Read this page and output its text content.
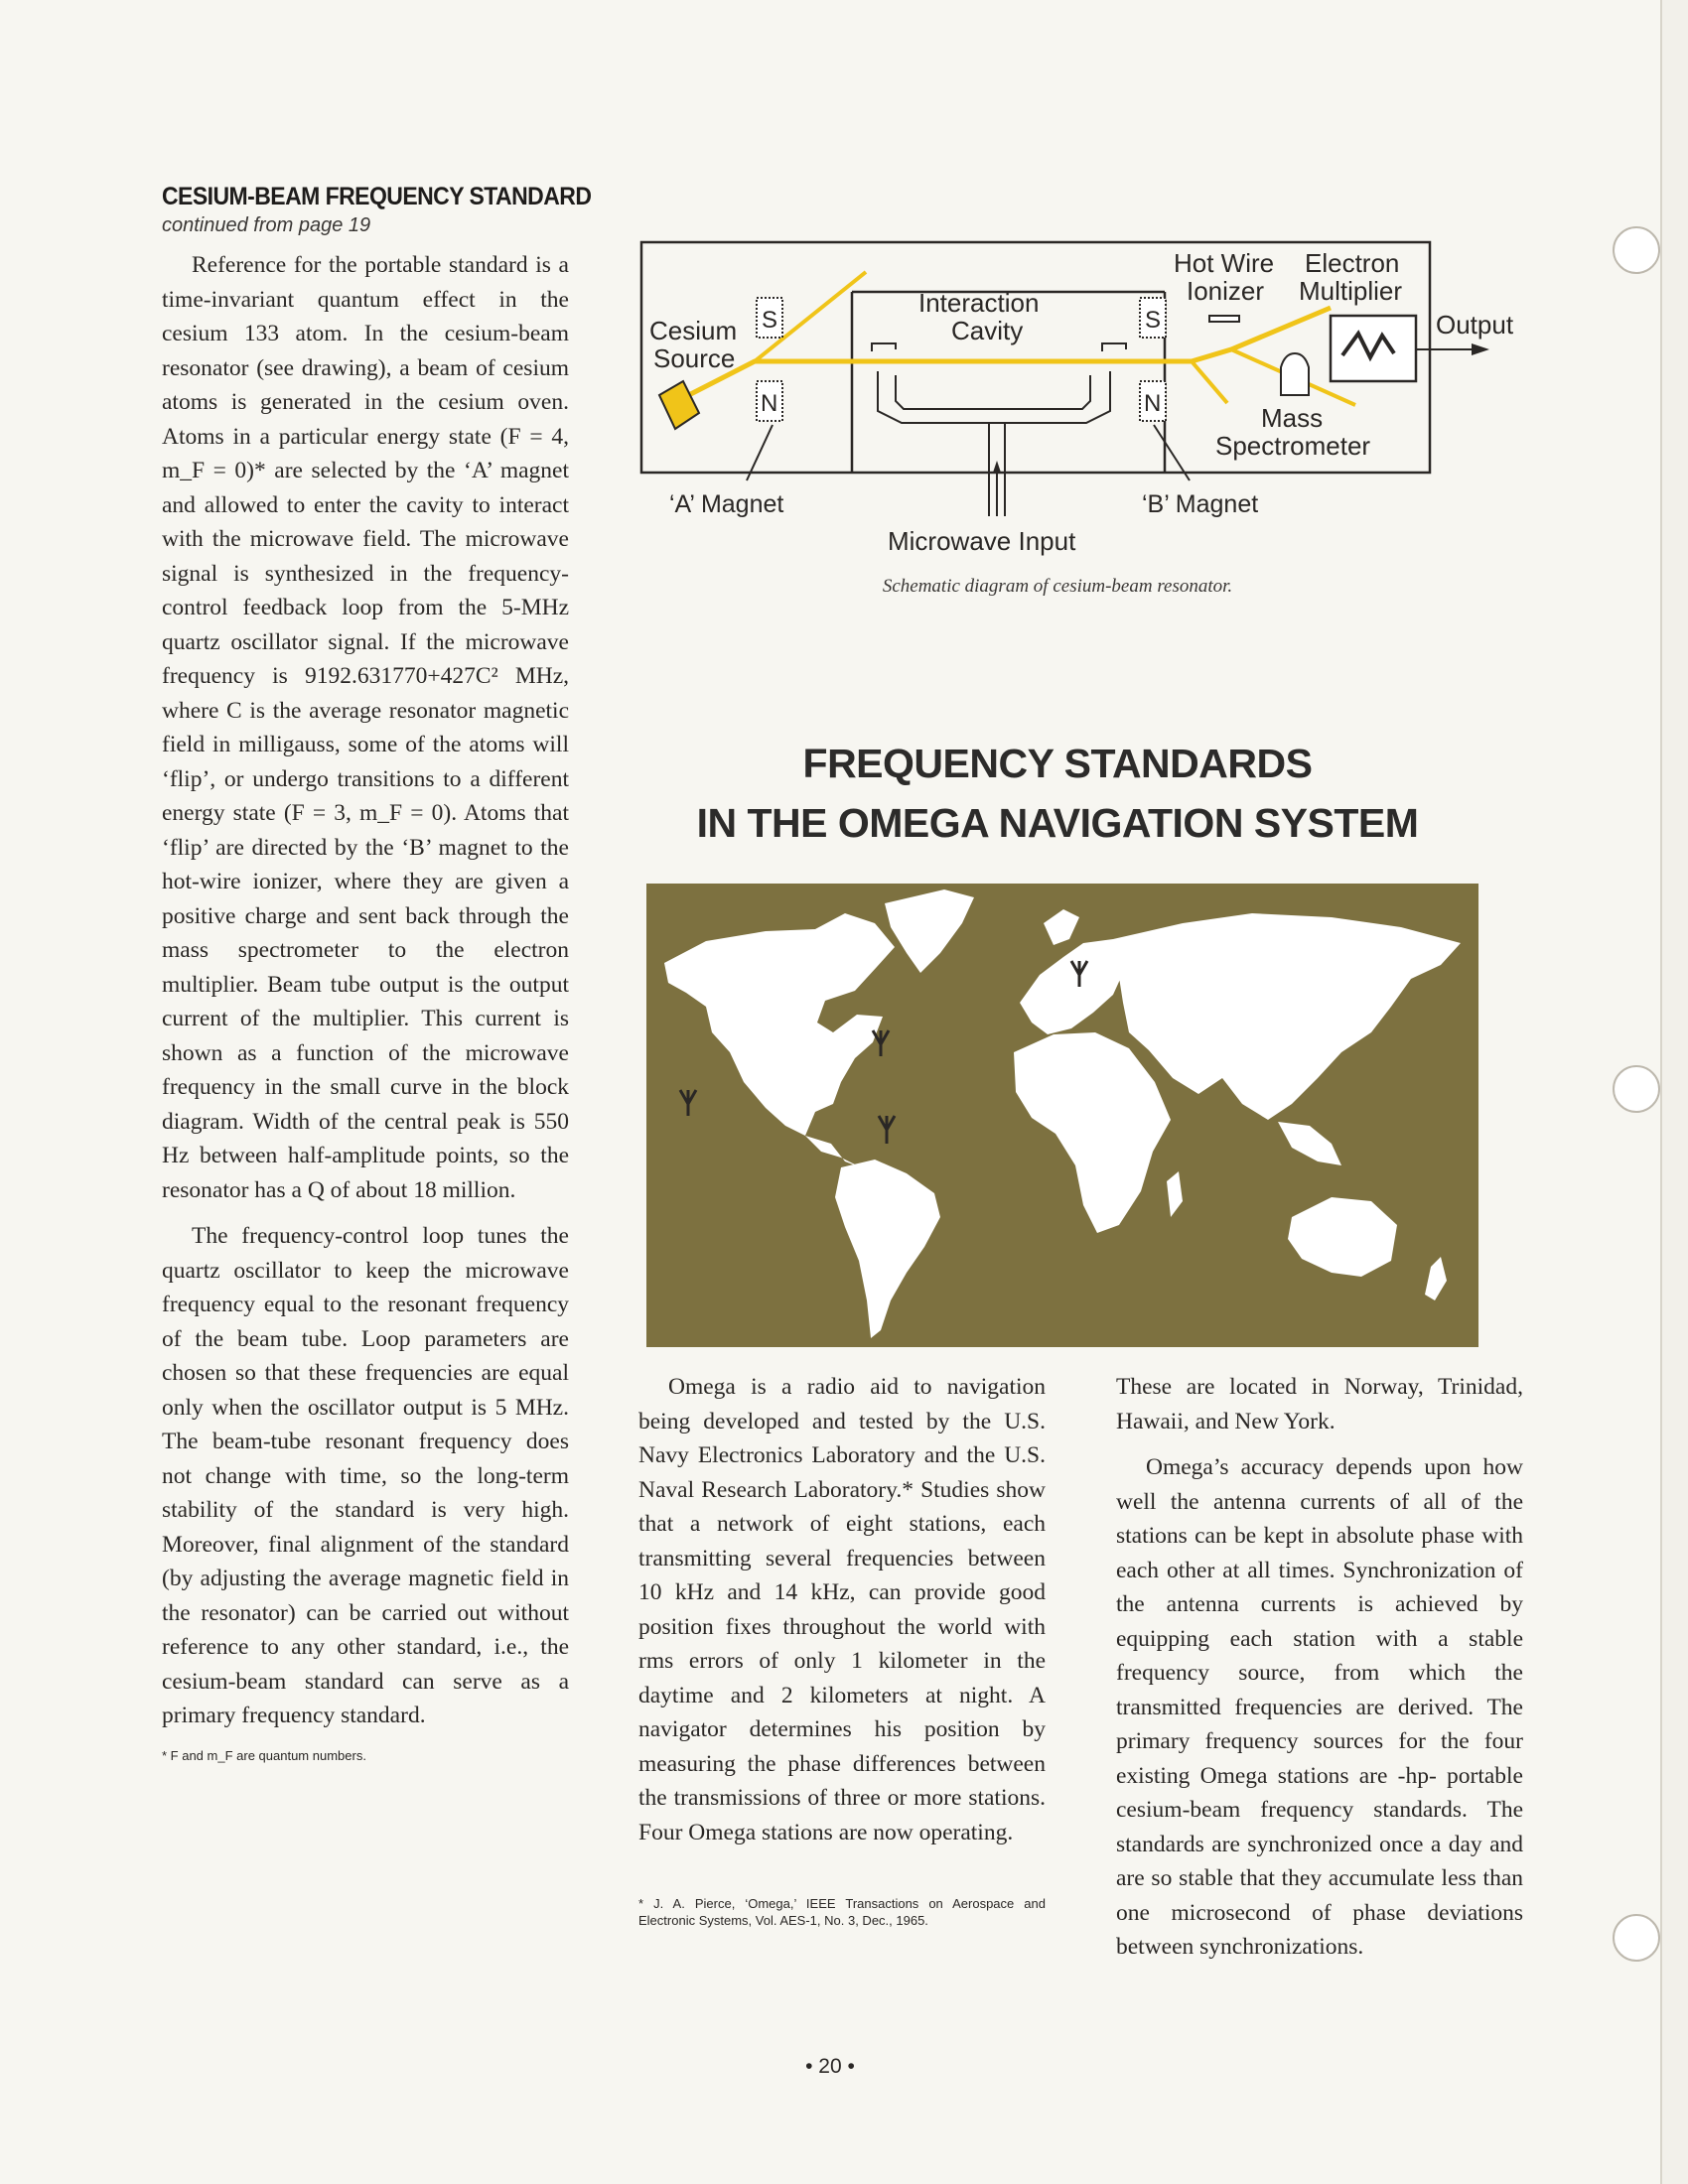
CESIUM-BEAM FREQUENCY STANDARD
continued from page 19

Reference for the portable standard is a time-invariant quantum effect in the cesium 133 atom. In the cesium-beam resonator (see drawing), a beam of cesium atoms is generated in the cesium oven. Atoms in a particular energy state (F = 4, m_F = 0)* are selected by the ‘A’ magnet and allowed to enter the cavity to interact with the microwave field. The microwave signal is synthesized in the frequency-control feedback loop from the 5-MHz quartz oscillator signal. If the microwave frequency is 9192.631770+427C² MHz, where C is the average resonator magnetic field in milligauss, some of the atoms will ‘flip’, or undergo transitions to a different energy state (F = 3, m_F = 0). Atoms that ‘flip’ are directed by the ‘B’ magnet to the hot-wire ionizer, where they are given a positive charge and sent back through the mass spectrometer to the electron multiplier. Beam tube output is the output current of the multiplier. This current is shown as a function of the microwave frequency in the small curve in the block diagram. Width of the central peak is 550 Hz between half-amplitude points, so the resonator has a Q of about 18 million.

The frequency-control loop tunes the quartz oscillator to keep the microwave frequency equal to the resonant frequency of the beam tube. Loop parameters are chosen so that these frequencies are equal only when the oscillator output is 5 MHz. The beam-tube resonant frequency does not change with time, so the long-term stability of the standard is very high. Moreover, final alignment of the standard (by adjusting the average magnetic field in the resonator) can be carried out without reference to any other standard, i.e., the cesium-beam standard can serve as a primary frequency standard.

* F and m_F are quantum numbers.

Cesium
Source
S
N
Interaction
Cavity	S
N
Hot Wire
Ionizer
Electron
Multiplier
Mass
Spectrometer
Output
‘A’ Magnet	‘B’ Magnet
Microwave Input
Schematic diagram of cesium-beam resonator.
FREQUENCY STANDARDS
IN THE OMEGA NAVIGATION SYSTEM

Omega is a radio aid to navigation being developed and tested by the U.S. Navy Electronics Laboratory and the U.S. Naval Research Laboratory.* Studies show that a network of eight stations, each transmitting several frequencies between 10 kHz and 14 kHz, can provide good position fixes throughout the world with rms errors of only 1 kilometer in the daytime and 2 kilometers at night. A navigator determines his position by measuring the phase differences between the transmissions of three or more stations. Four Omega stations are now operating.

* J. A. Pierce, ‘Omega,’ IEEE Transactions on Aerospace and Electronic Systems, Vol. AES-1, No. 3, Dec., 1965.

These are located in Norway, Trinidad, Hawaii, and New York.

Omega’s accuracy depends upon how well the antenna currents of all of the stations can be kept in absolute phase with each other at all times. Synchronization of the antenna currents is achieved by equipping each station with a stable frequency source, from which the transmitted frequencies are derived. The primary frequency sources for the four existing Omega stations are -hp- portable cesium-beam frequency standards. The standards are synchronized once a day and are so stable that they accumulate less than one microsecond of phase deviations between synchronizations.

• 20 •
